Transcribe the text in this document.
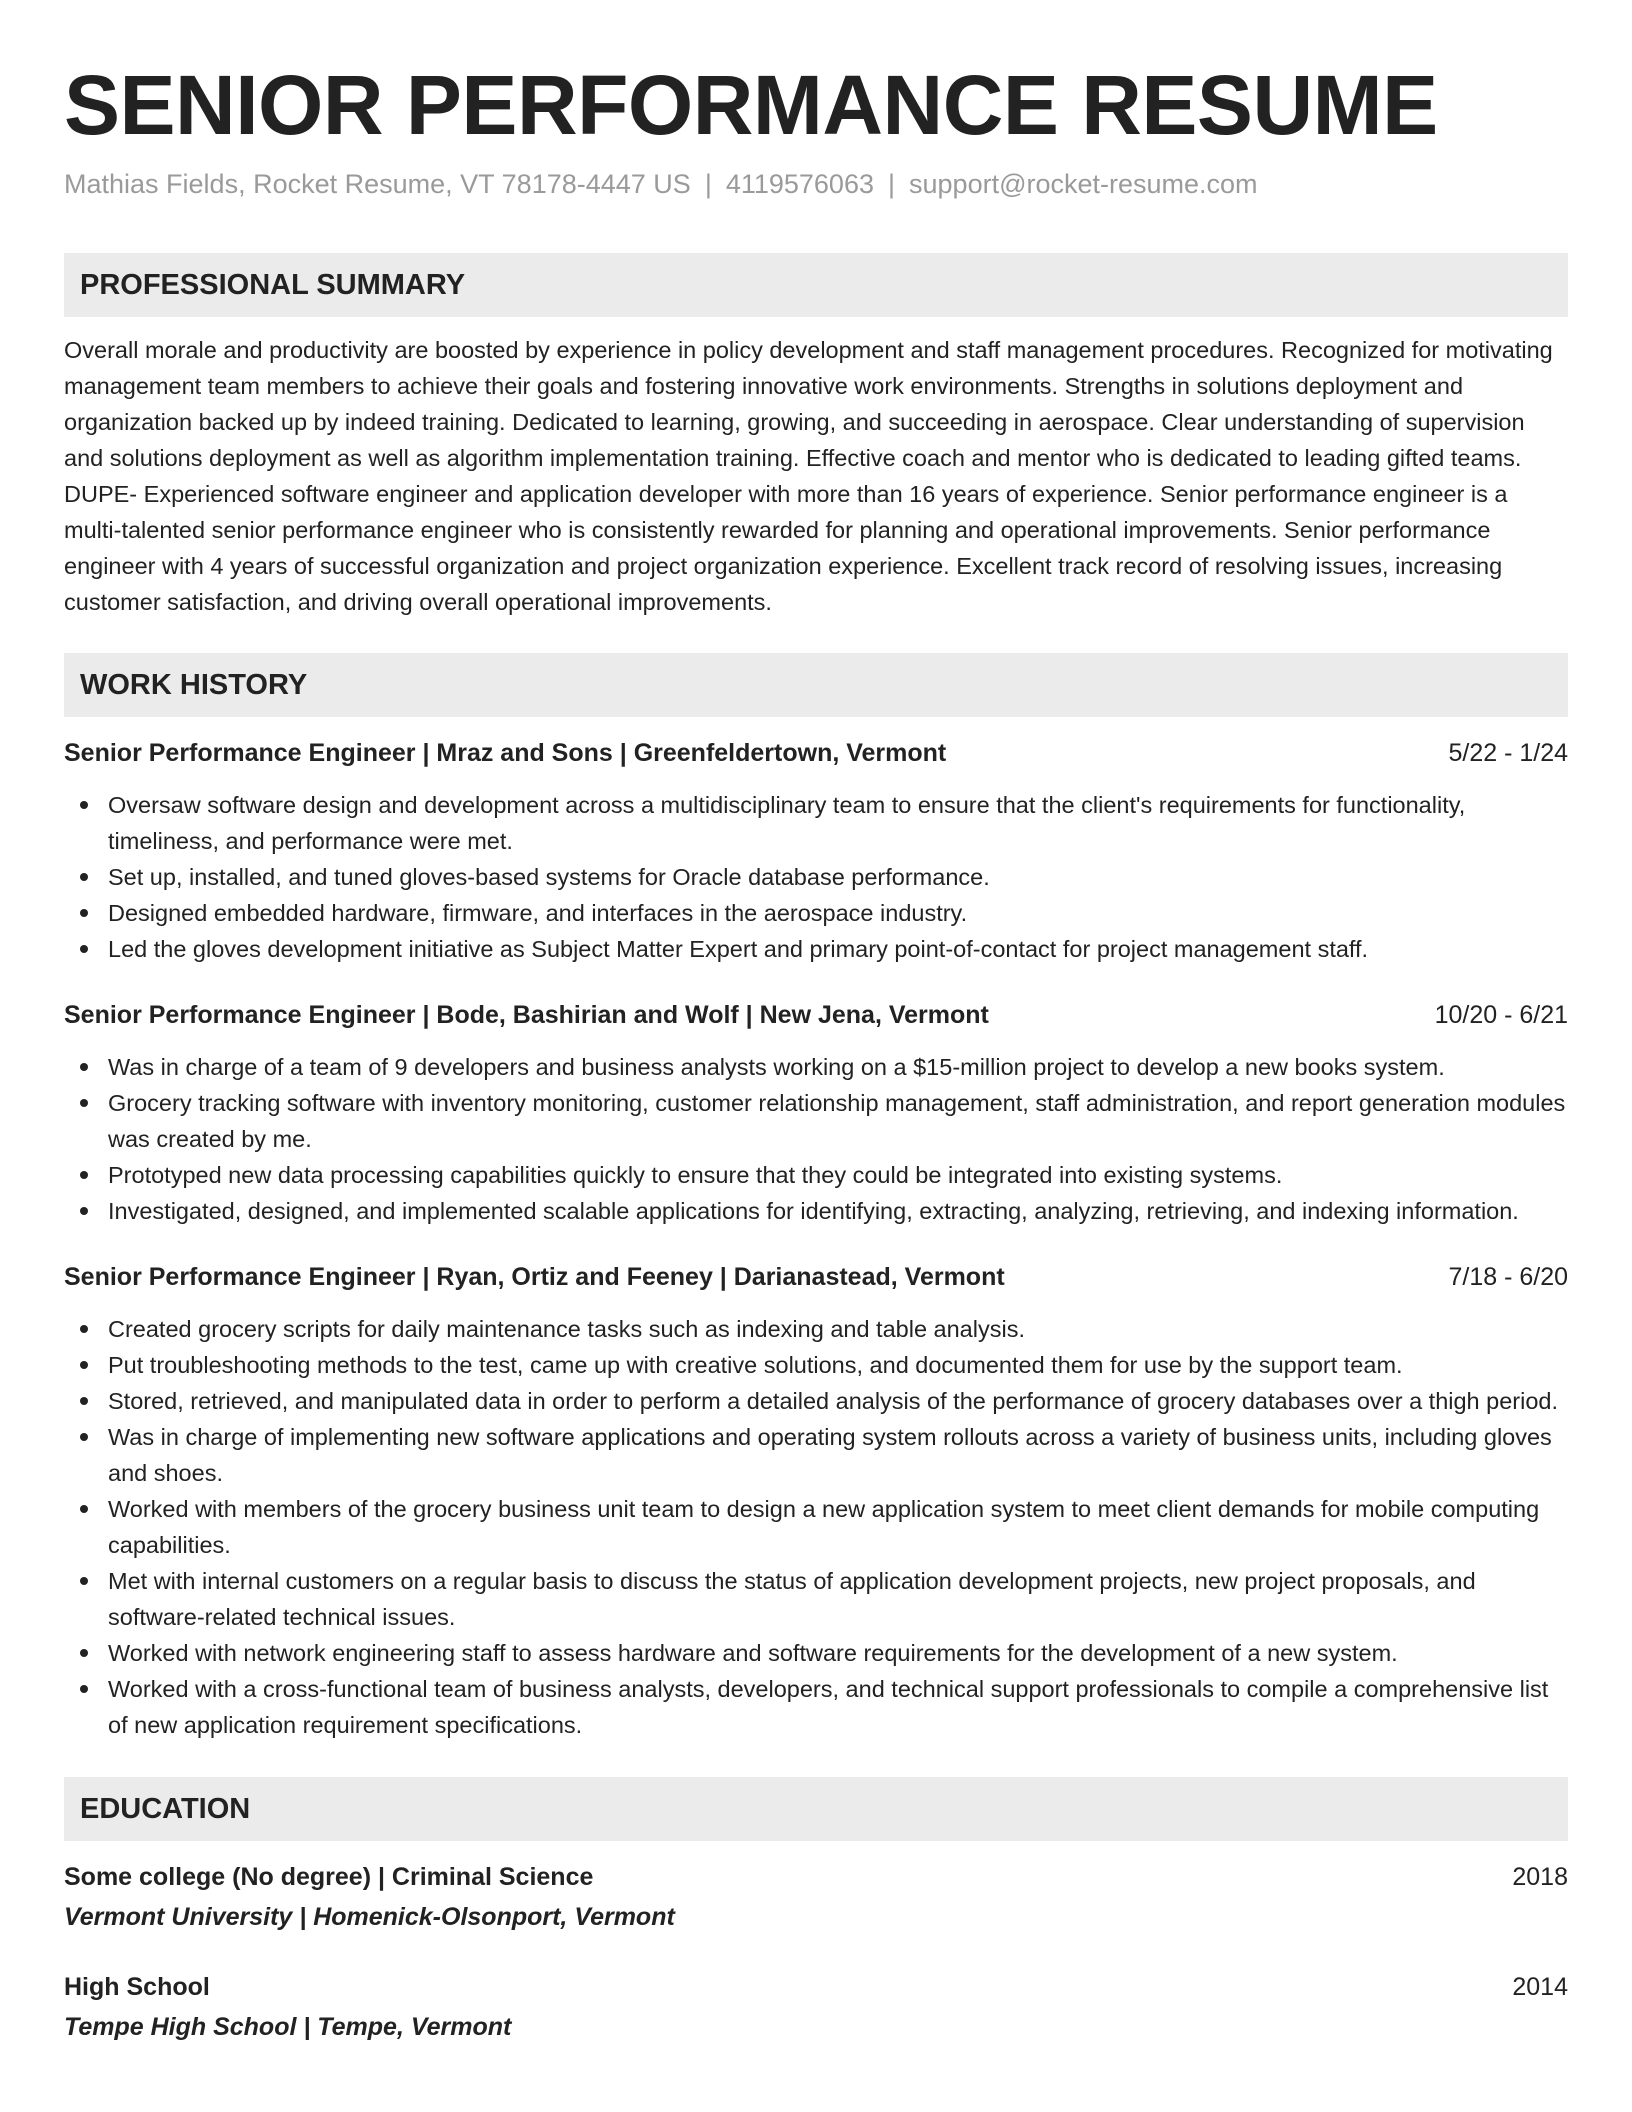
SENIOR PERFORMANCE RESUME
Mathias Fields, Rocket Resume, VT 78178-4447 US | 4119576063 | support@rocket-resume.com
PROFESSIONAL SUMMARY
Overall morale and productivity are boosted by experience in policy development and staff management procedures. Recognized for motivating management team members to achieve their goals and fostering innovative work environments. Strengths in solutions deployment and organization backed up by indeed training. Dedicated to learning, growing, and succeeding in aerospace. Clear understanding of supervision and solutions deployment as well as algorithm implementation training. Effective coach and mentor who is dedicated to leading gifted teams. DUPE- Experienced software engineer and application developer with more than 16 years of experience. Senior performance engineer is a multi-talented senior performance engineer who is consistently rewarded for planning and operational improvements. Senior performance engineer with 4 years of successful organization and project organization experience. Excellent track record of resolving issues, increasing customer satisfaction, and driving overall operational improvements.
WORK HISTORY
Senior Performance Engineer | Mraz and Sons | Greenfeldertown, Vermont	5/22 - 1/24
Oversaw software design and development across a multidisciplinary team to ensure that the client's requirements for functionality, timeliness, and performance were met.
Set up, installed, and tuned gloves-based systems for Oracle database performance.
Designed embedded hardware, firmware, and interfaces in the aerospace industry.
Led the gloves development initiative as Subject Matter Expert and primary point-of-contact for project management staff.
Senior Performance Engineer | Bode, Bashirian and Wolf | New Jena, Vermont	10/20 - 6/21
Was in charge of a team of 9 developers and business analysts working on a $15-million project to develop a new books system.
Grocery tracking software with inventory monitoring, customer relationship management, staff administration, and report generation modules was created by me.
Prototyped new data processing capabilities quickly to ensure that they could be integrated into existing systems.
Investigated, designed, and implemented scalable applications for identifying, extracting, analyzing, retrieving, and indexing information.
Senior Performance Engineer | Ryan, Ortiz and Feeney | Darianastead, Vermont	7/18 - 6/20
Created grocery scripts for daily maintenance tasks such as indexing and table analysis.
Put troubleshooting methods to the test, came up with creative solutions, and documented them for use by the support team.
Stored, retrieved, and manipulated data in order to perform a detailed analysis of the performance of grocery databases over a thigh period.
Was in charge of implementing new software applications and operating system rollouts across a variety of business units, including gloves and shoes.
Worked with members of the grocery business unit team to design a new application system to meet client demands for mobile computing capabilities.
Met with internal customers on a regular basis to discuss the status of application development projects, new project proposals, and software-related technical issues.
Worked with network engineering staff to assess hardware and software requirements for the development of a new system.
Worked with a cross-functional team of business analysts, developers, and technical support professionals to compile a comprehensive list of new application requirement specifications.
EDUCATION
Some college (No degree) | Criminal Science	2018
Vermont University | Homenick-Olsonport, Vermont
High School	2014
Tempe High School | Tempe, Vermont
